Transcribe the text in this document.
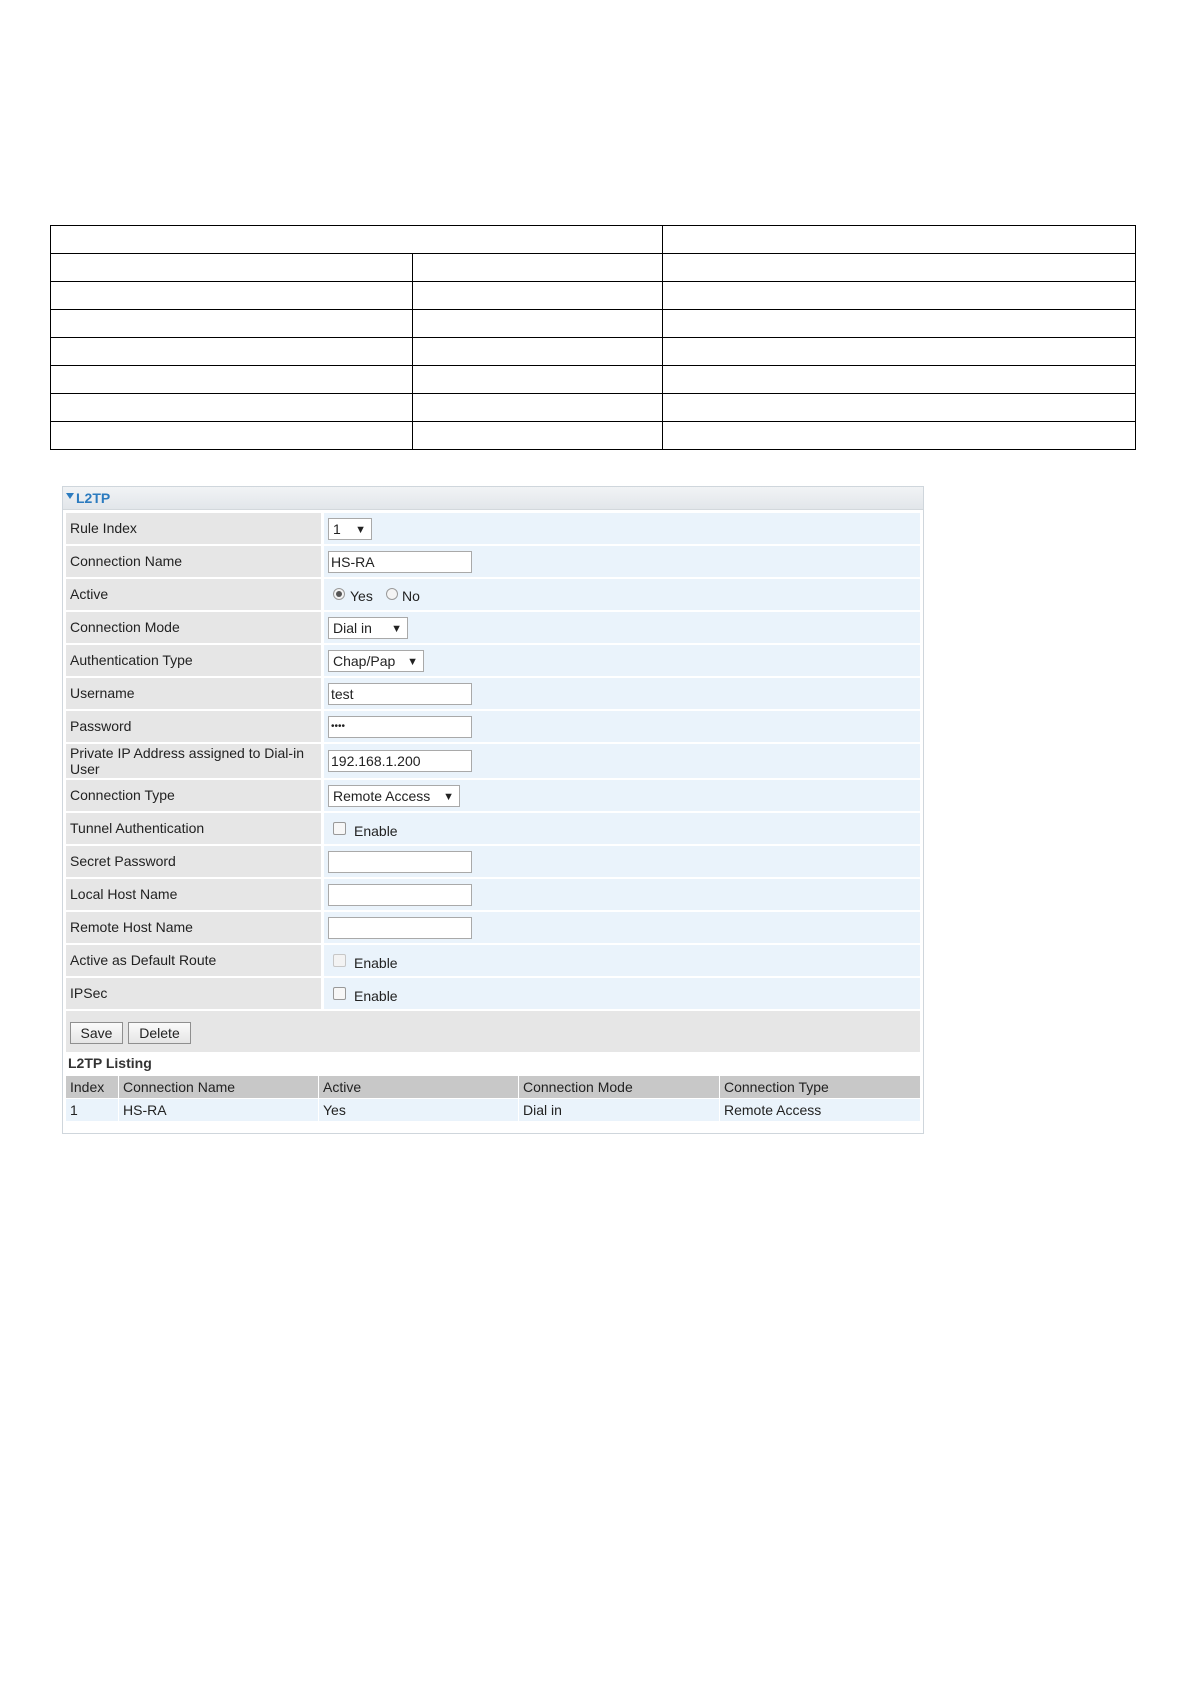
L2TP
Rule Index	1 ▼
Connection Name	HS-RA
Active	Yes No
Connection Mode	Dial in ▼
Authentication Type	Chap/Pap ▼
Username	test
Password	••••
Private IP Address assigned to Dial-in User	192.168.1.200
Connection Type	Remote Access ▼
Tunnel Authentication	Enable
Secret Password
Local Host Name
Remote Host Name
Active as Default Route	Enable
IPSec	Enable
Save	Delete
L2TP Listing
Index	Connection Name	Active	Connection Mode	Connection Type
1	HS-RA	Yes	Dial in	Remote Access
